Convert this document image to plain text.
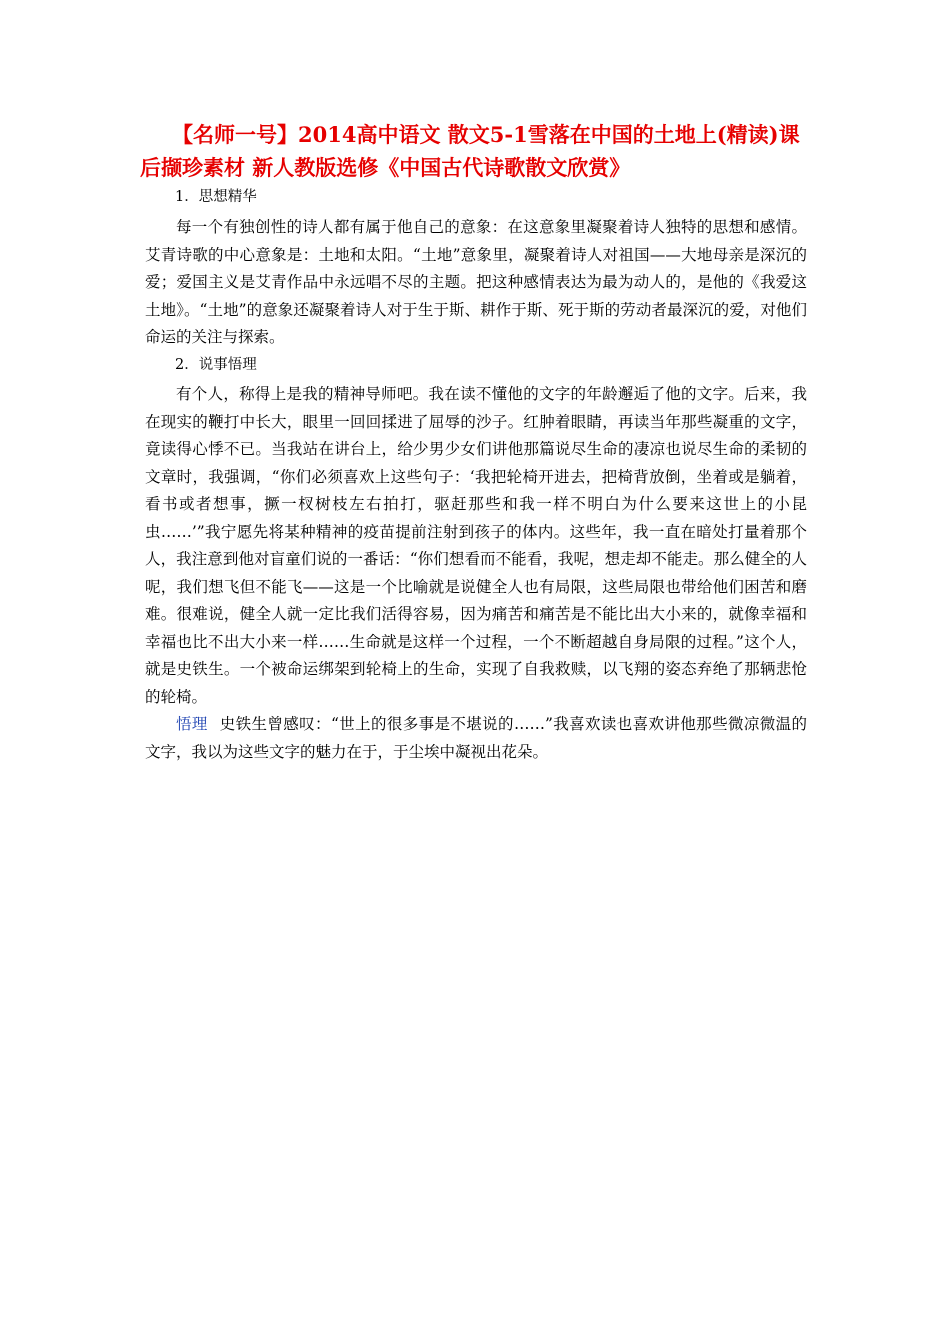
【名师一号】2014高中语文 散文5-1雪落在中国的土地上(精读)课后撷珍素材 新人教版选修《中国古代诗歌散文欣赏》

1．思想精华

每一个有独创性的诗人都有属于他自己的意象：在这意象里凝聚着诗人独特的思想和感情。艾青诗歌的中心意象是：土地和太阳。“土地”意象里，凝聚着诗人对祖国——大地母亲是深沉的爱；爱国主义是艾青作品中永远唱不尽的主题。把这种感情表达为最为动人的，是他的《我爱这土地》。“土地”的意象还凝聚着诗人对于生于斯、耕作于斯、死于斯的劳动者最深沉的爱，对他们命运的关注与探索。

2．说事悟理

有个人，称得上是我的精神导师吧。我在读不懂他的文字的年龄邂逅了他的文字。后来，我在现实的鞭打中长大，眼里一回回揉进了屈辱的沙子。红肿着眼睛，再读当年那些凝重的文字，竟读得心悸不已。当我站在讲台上，给少男少女们讲他那篇说尽生命的凄凉也说尽生命的柔韧的文章时，我强调，“你们必须喜欢上这些句子：‘我把轮椅开进去，把椅背放倒，坐着或是躺着，看书或者想事，撅一杈树枝左右拍打，驱赶那些和我一样不明白为什么要来这世上的小昆虫……’”我宁愿先将某种精神的疫苗提前注射到孩子的体内。这些年，我一直在暗处打量着那个人，我注意到他对盲童们说的一番话：“你们想看而不能看，我呢，想走却不能走。那么健全的人呢，我们想飞但不能飞——这是一个比喻就是说健全人也有局限，这些局限也带给他们困苦和磨难。很难说，健全人就一定比我们活得容易，因为痛苦和痛苦是不能比出大小来的，就像幸福和幸福也比不出大小来一样……生命就是这样一个过程，一个不断超越自身局限的过程。”这个人，就是史铁生。一个被命运绑架到轮椅上的生命，实现了自我救赎，以飞翔的姿态弃绝了那辆悲怆的轮椅。

悟理 史铁生曾感叹：“世上的很多事是不堪说的……”我喜欢读也喜欢讲他那些微凉微温的文字，我以为这些文字的魅力在于，于尘埃中凝视出花朵。
